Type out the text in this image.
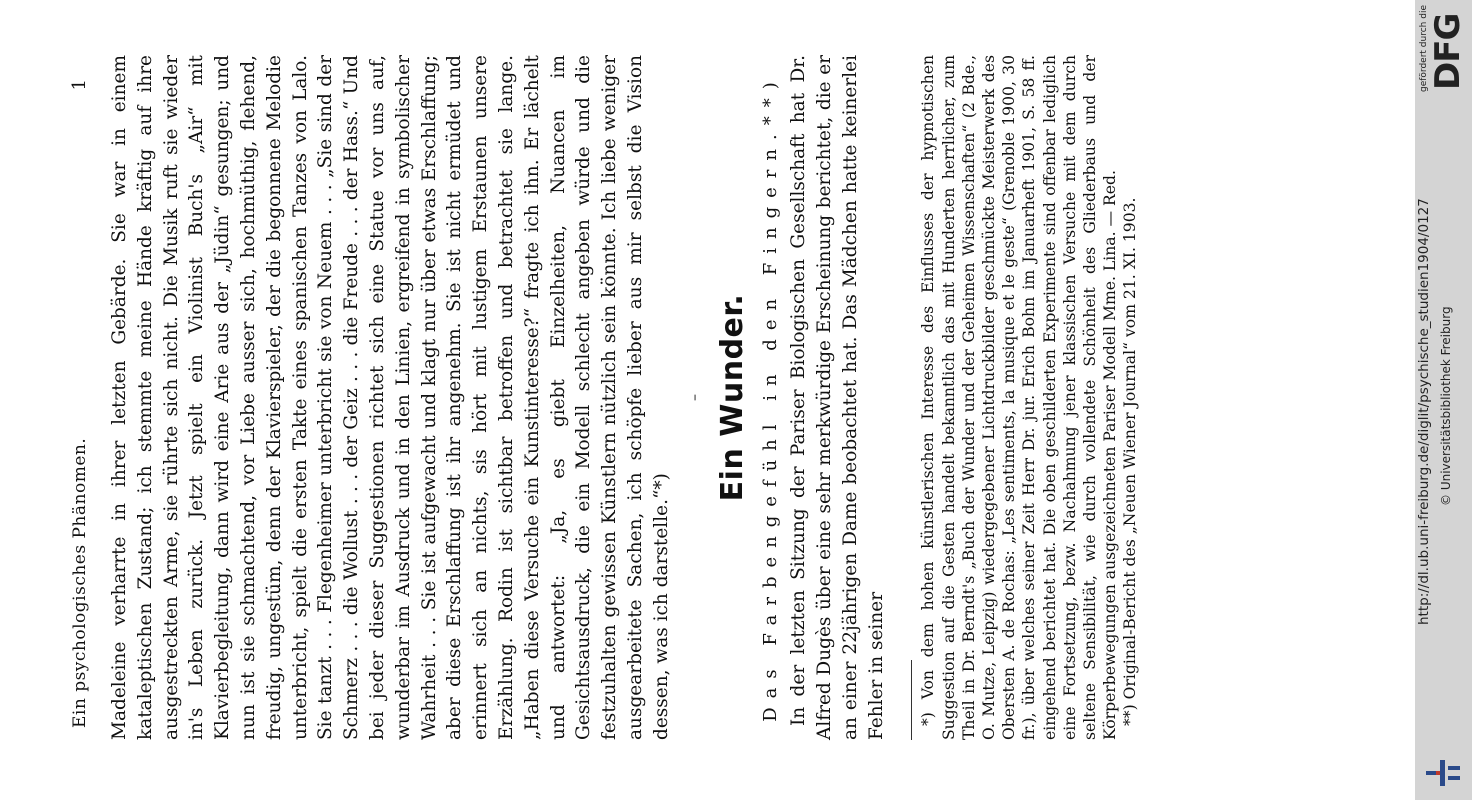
Ein psychologisches Phänomen.
1 Madeleine verharrte in ihrer letzten Gebärde. Sie war in einem kataleptischen Zustand; ich stemmte meine Hände kräftig auf ihre ausgestreckten Arme, sie rührte sich nicht. Die Musik ruft sie wieder in's Leben zurück. Jetzt spielt ein Violinist Buch's „Air“ mit Klavierbegleitung, dann wird eine Arie aus der „Jüdin“ gesungen; und nun ist sie schmachtend, vor Liebe ausser sich, hochmüthig, flehend, freudig, ungestüm, denn der Klavierspieler, der die begonnene Melodie unterbricht, spielt die ersten Takte eines spanischen Tanzes von Lalo. Sie tanzt . . . Flegenheimer unterbricht sie von Neuem . . . „Sie sind der Schmerz . . . die Wollust . . . der Geiz . . . die Freude . . . der Hass.“ Und bei jeder dieser Suggestionen richtet sich eine Statue vor uns auf, wunderbar im Ausdruck und in den Linien, ergreifend in symbolischer Wahrheit . . . Sie ist aufgewacht und klagt nur über etwas Erschlaffung; aber diese Erschlaffung ist ihr angenehm. Sie ist nicht ermüdet und erinnert sich an nichts, sis hört mit lustigem Erstaunen unsere Erzählung. Rodin ist sichtbar betroffen und betrachtet sie lange. „Haben diese Versuche ein Kunstinteresse?“ fragte ich ihn. Er lächelt und antwortet: „Ja, es giebt Einzelheiten, Nuancen im Gesichtsausdruck, die ein Modell schlecht angeben würde und die festzuhalten gewissen Künstlern nützlich sein könnte. Ich liebe weniger ausgearbeitete Sachen, ich schöpfe lieber aus mir selbst die Vision dessen, was ich darstelle.“*)

– Ein Wunder. Das Farbengefühl in den Fingern.**) In der letzten Sitzung der Pariser Biologischen Gesellschaft hat Dr. Alfred Dugès über eine sehr merkwürdige Erscheinung berichtet, die er an einer 22jährigen Dame beobachtet hat. Das Mädchen hatte keinerlei Fehler in seiner *) Von dem hohen künstlerischen Interesse des Einflusses der hypnotischen Suggestion auf die Gesten handelt bekanntlich das mit Hunderten herrlicher, zum Theil in Dr. Berndt's „Buch der Wunder und der Geheimen Wissenschaften“ (2 Bde., O. Mutze, Leipzig) wiedergegebener Lichtdruckbilder geschmückte Meisterwerk des Obersten A. de Rochas: „Les sentiments, la musique et le geste“ (Grenoble 1900, 30 fr.), über welches seiner Zeit Herr Dr. jur. Erich Bohn im Januarheft 1901, S. 58 ff. eingehend berichtet hat. Die oben geschilderten Experimente sind offenbar lediglich eine Fortsetzung, bezw. Nachahmung jener klassischen Versuche mit dem durch seltene Sensibilität, wie durch vollendete Schönheit des Gliederbaus und der Körperbewegungen ausgezeichneten Pariser Modell Mme. Lina. — Red. **) Original-Bericht des „Neuen Wiener Journal“ vom 21. XI. 1903.

gefördert durch die DFG
http://dl.ub.uni-freiburg.de/diglit/psychische_studien1904/0127 © Universitätsbibliothek Freiburg
